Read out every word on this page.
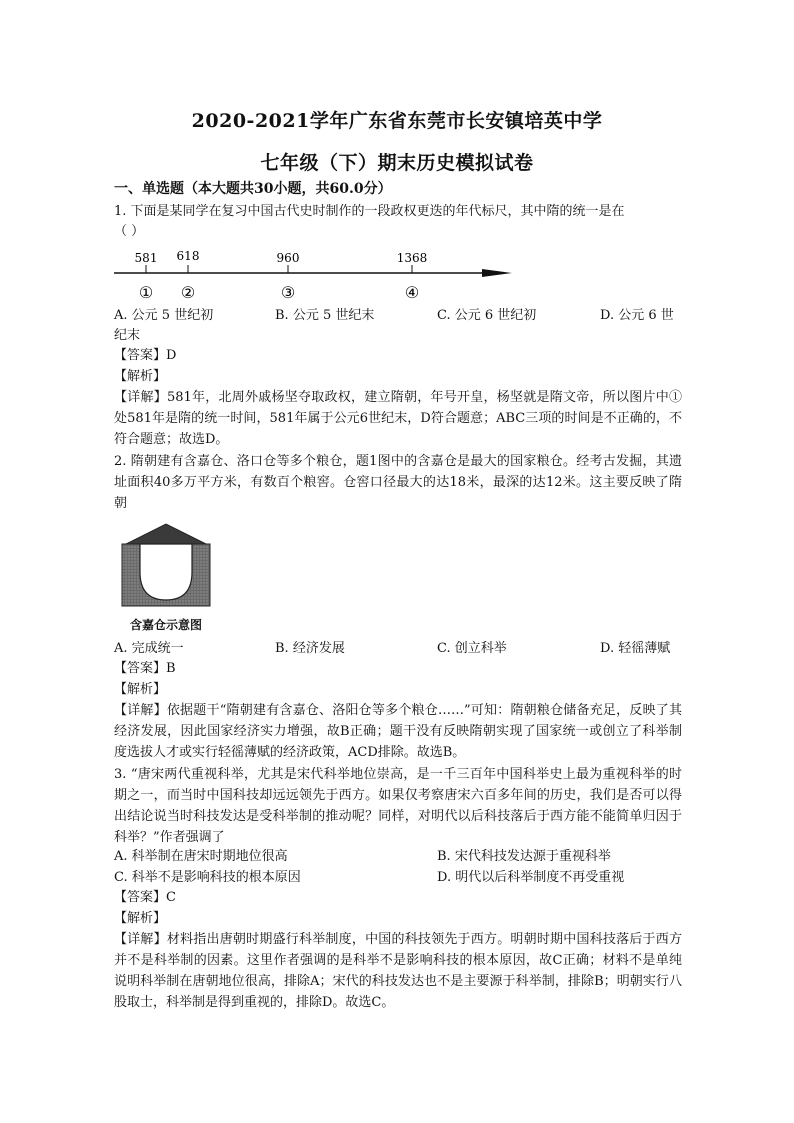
2020-2021学年广东省东莞市长安镇培英中学
七年级（下）期末历史模拟试卷
一、单选题（本大题共30小题，共60.0分）
1. 下面是某同学在复习中国古代史时制作的一段政权更迭的年代标尺，其中隋的统一是在
（ ）
581 618	960	1368
① ②	③	④
A. 公元 5 世纪初	B. 公元 5 世纪末	C. 公元 6 世纪初	D. 公元 6 世
纪末
【答案】D
【解析】
【详解】581年，北周外戚杨坚夺取政权，建立隋朝，年号开皇，杨坚就是隋文帝，所以图片中①处581年是隋的统一时间，581年属于公元6世纪末，D符合题意；ABC三项的时间是不正确的，不符合题意；故选D。
2. 隋朝建有含嘉仓、洛口仓等多个粮仓，题1图中的含嘉仓是最大的国家粮仓。经考古发掘，其遗址面积40多万平方米，有数百个粮窖。仓窖口径最大的达18米，最深的达12米。这主要反映了隋朝
含嘉仓示意图
A. 完成统一	B. 经济发展	C. 创立科举	D. 轻徭薄赋
【答案】B
【解析】
【详解】依据题干“隋朝建有含嘉仓、洛阳仓等多个粮仓……”可知：隋朝粮仓储备充足，反映了其经济发展，因此国家经济实力增强，故B正确；题干没有反映隋朝实现了国家统一或创立了科举制度选拔人才或实行轻徭薄赋的经济政策，ACD排除。故选B。
3. “唐宋两代重视科举，尤其是宋代科举地位崇高，是一千三百年中国科举史上最为重视科举的时期之一，而当时中国科技却远远领先于西方。如果仅考察唐宋六百多年间的历史，我们是否可以得出结论说当时科技发达是受科举制的推动呢？同样，对明代以后科技落后于西方能不能简单归因于科举？”作者强调了
A. 科举制在唐宋时期地位很高	B. 宋代科技发达源于重视科举
C. 科举不是影响科技的根本原因	D. 明代以后科举制度不再受重视
【答案】C
【解析】
【详解】材料指出唐朝时期盛行科举制度，中国的科技领先于西方。明朝时期中国科技落后于西方并不是科举制的因素。这里作者强调的是科举不是影响科技的根本原因，故C正确；材料不是单纯说明科举制在唐朝地位很高，排除A；宋代的科技发达也不是主要源于科举制，排除B；明朝实行八股取士，科举制是得到重视的，排除D。故选C。
